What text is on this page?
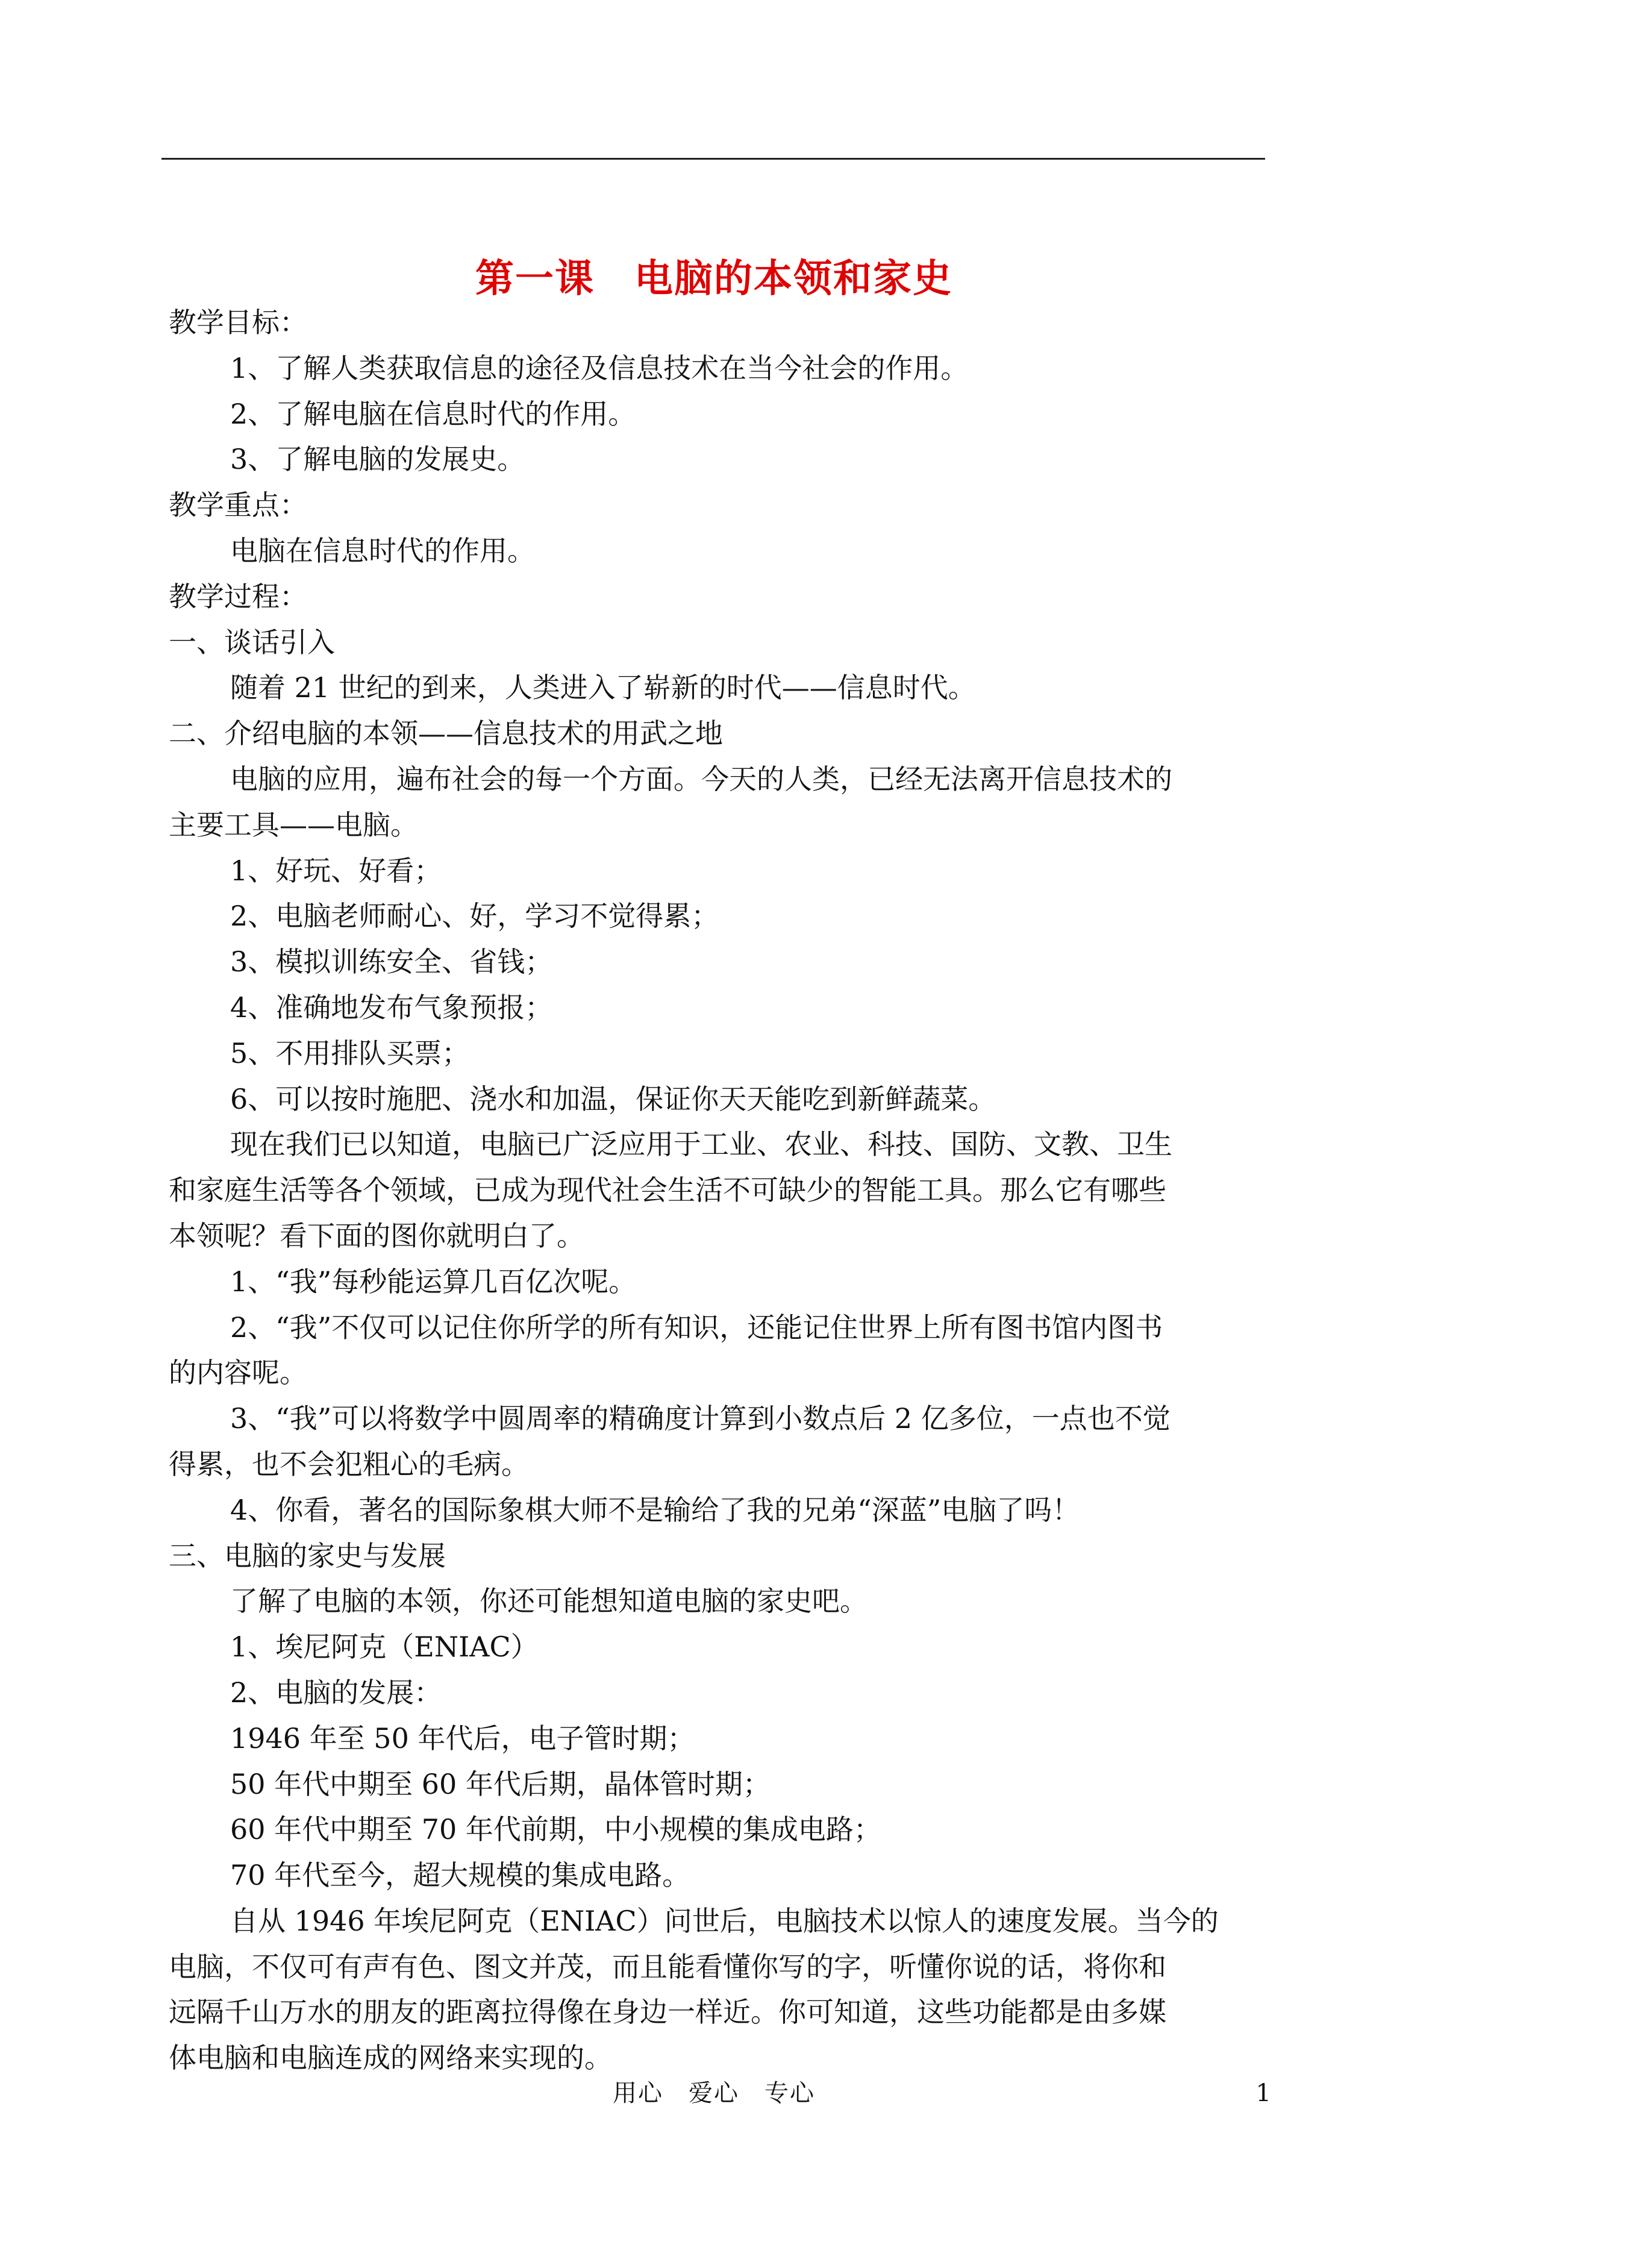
第一课　电脑的本领和家史

教学目标：

1、了解人类获取信息的途径及信息技术在当今社会的作用。

2、了解电脑在信息时代的作用。

3、了解电脑的发展史。

教学重点：

电脑在信息时代的作用。

教学过程：

一、谈话引入

随着 21 世纪的到来，人类进入了崭新的时代——信息时代。

二、介绍电脑的本领——信息技术的用武之地

电脑的应用，遍布社会的每一个方面。今天的人类，已经无法离开信息技术的

主要工具——电脑。

1、好玩、好看；

2、电脑老师耐心、好，学习不觉得累；

3、模拟训练安全、省钱；

4、准确地发布气象预报；

5、不用排队买票；

6、可以按时施肥、浇水和加温，保证你天天能吃到新鲜蔬菜。

现在我们已以知道，电脑已广泛应用于工业、农业、科技、国防、文教、卫生

和家庭生活等各个领域，已成为现代社会生活不可缺少的智能工具。那么它有哪些

本领呢？看下面的图你就明白了。

1、“我”每秒能运算几百亿次呢。

2、“我”不仅可以记住你所学的所有知识，还能记住世界上所有图书馆内图书

的内容呢。

3、“我”可以将数学中圆周率的精确度计算到小数点后 2 亿多位，一点也不觉

得累，也不会犯粗心的毛病。

4、你看，著名的国际象棋大师不是输给了我的兄弟“深蓝”电脑了吗！

三、电脑的家史与发展

了解了电脑的本领，你还可能想知道电脑的家史吧。

1、埃尼阿克（ENIAC）

2、电脑的发展：

1946 年至 50 年代后，电子管时期；

50 年代中期至 60 年代后期，晶体管时期；

60 年代中期至 70 年代前期，中小规模的集成电路；

70 年代至今，超大规模的集成电路。

自从 1946 年埃尼阿克（ENIAC）问世后，电脑技术以惊人的速度发展。当今的

电脑，不仅可有声有色、图文并茂，而且能看懂你写的字，听懂你说的话，将你和

远隔千山万水的朋友的距离拉得像在身边一样近。你可知道，这些功能都是由多媒

体电脑和电脑连成的网络来实现的。

用心　爱心　专心	1
